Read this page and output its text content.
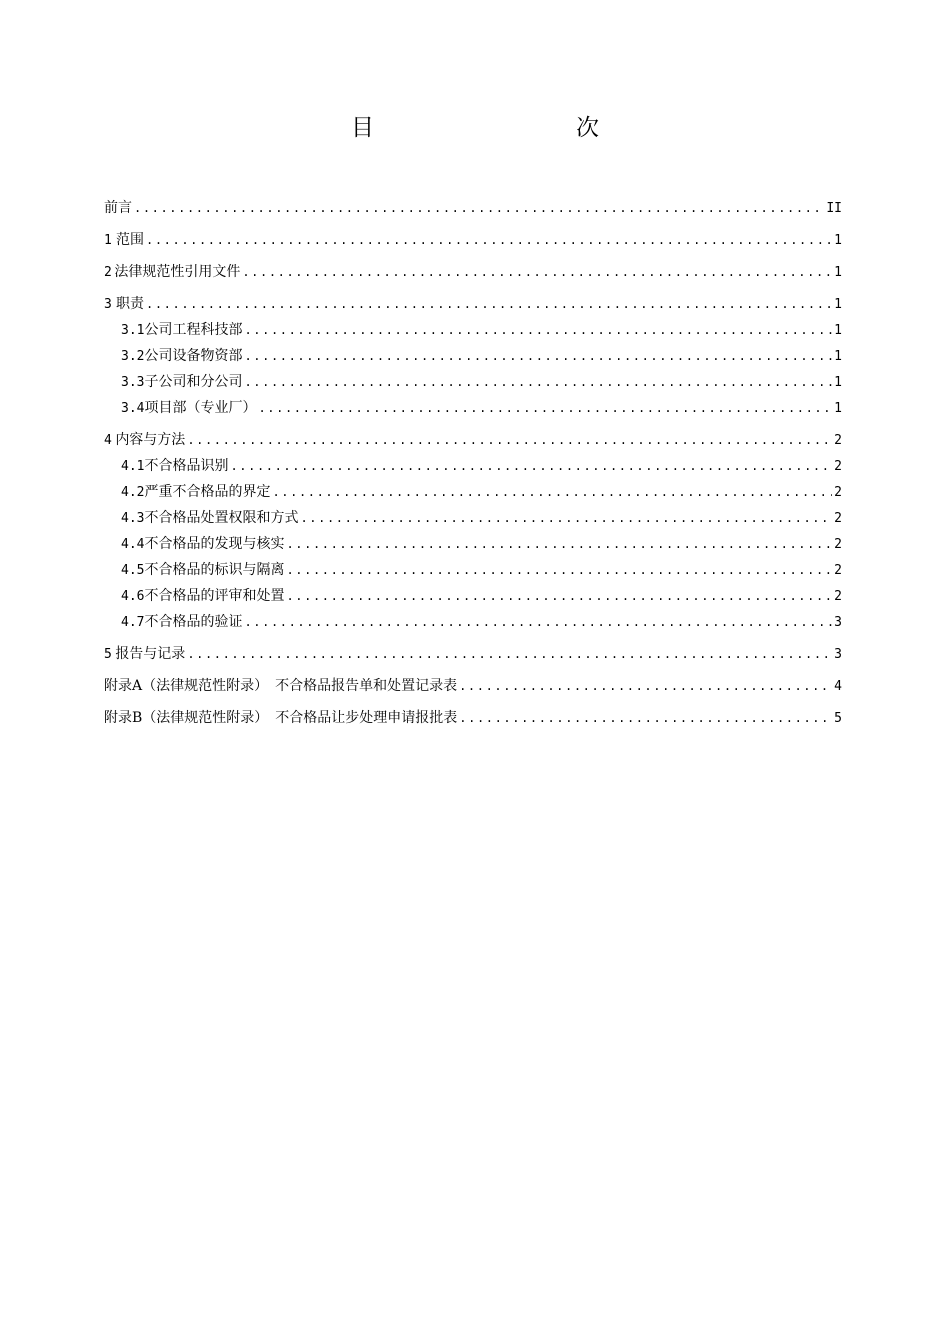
目　　次
前言 .....	II
1 范围 .....	1
2 法律规范性引用文件 .....	1
3 职责 .....	1
3.1 公司工程科技部 .....	1
3.2 公司设备物资部 .....	1
3.3 子公司和分公司 .....	1
3.4 项目部（专业厂） .....	1
4 内容与方法 .....	2
4.1 不合格品识别 .....	2
4.2 严重不合格品的界定 .....	2
4.3 不合格品处置权限和方式 .....	2
4.4 不合格品的发现与核实 .....	2
4.5 不合格品的标识与隔离 .....	2
4.6 不合格品的评审和处置 .....	2
4.7 不合格品的验证 .....	3
5 报告与记录 .....	3
附录A（法律规范性附录）　不合格品报告单和处置记录表 .....	4
附录B（法律规范性附录）　不合格品让步处理申请报批表 .....	5
